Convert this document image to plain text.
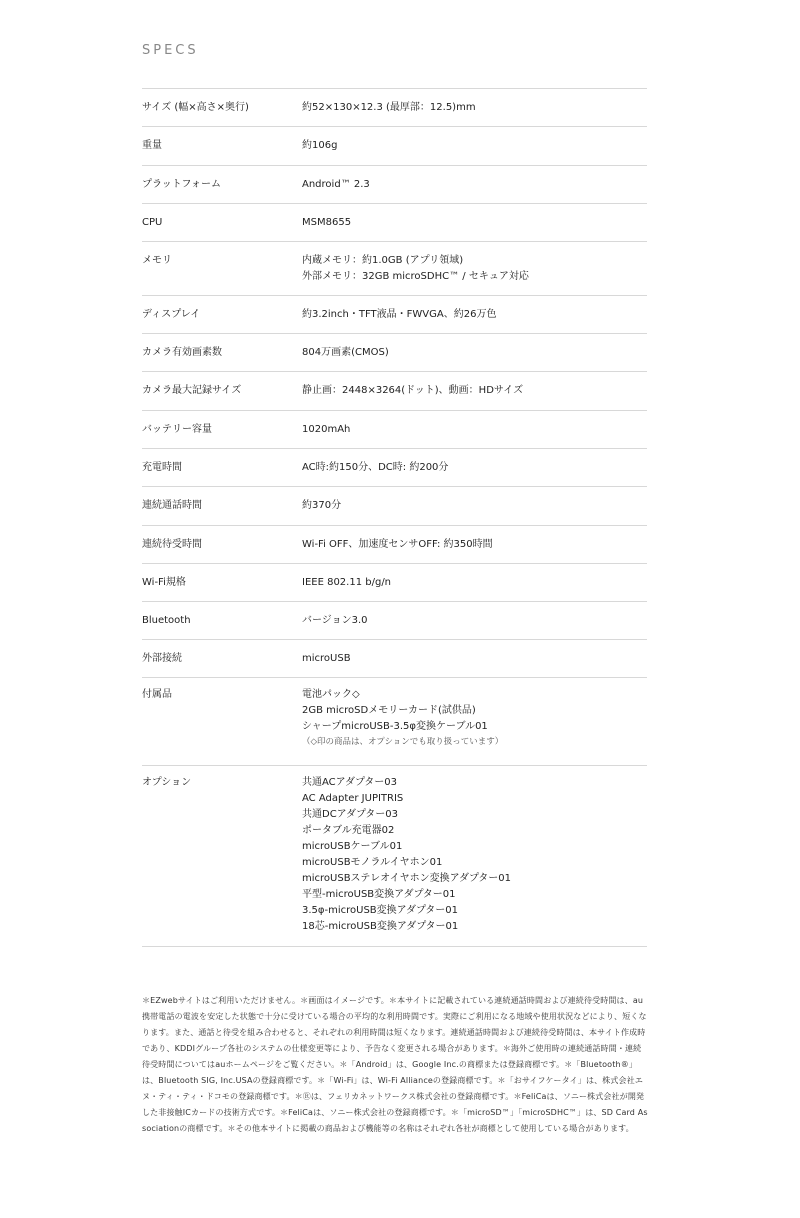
SPECS
サイズ (幅×高さ×奥行)	約52×130×12.3 (最厚部：12.5)mm
重量	約106g
プラットフォーム	Android™ 2.3
CPU	MSM8655
メモリ	内蔵メモリ：約1.0GB (アプリ領域)
外部メモリ：32GB microSDHC™ / セキュア対応
ディスプレイ	約3.2inch・TFT液晶・FWVGA、約26万色
カメラ有効画素数	804万画素(CMOS)
カメラ最大記録サイズ	静止画：2448×3264(ドット)、動画：HDサイズ
バッテリー容量	1020mAh
充電時間	AC時:約150分、DC時: 約200分
連続通話時間	約370分
連続待受時間	Wi-Fi OFF、加速度センサOFF: 約350時間
Wi-Fi規格	IEEE 802.11 b/g/n
Bluetooth	バージョン3.0
外部接続	microUSB
付属品	電池パック◇
2GB microSDメモリーカード(試供品)
シャープmicroUSB-3.5φ変換ケーブル01
（◇印の商品は、オプションでも取り扱っています）
オプション	共通ACアダプター03
AC Adapter JUPITRIS
共通DCアダプター03
ポータブル充電器02
microUSBケーブル01
microUSBモノラルイヤホン01
microUSBステレオイヤホン変換アダプター01
平型-microUSB変換アダプター01
3.5φ-microUSB変換アダプター01
18芯-microUSB変換アダプター01
＊EZwebサイトはご利用いただけません。＊画面はイメージです。＊本サイトに記載されている連続通話時間および連続待受時間は、au携帯電話の電波を安定した状態で十分に受けている場合の平均的な利用時間です。実際にご利用になる地域や使用状況などにより、短くなります。また、通話と待受を組み合わせると、それぞれの利用時間は短くなります。連続通話時間および連続待受時間は、本サイト作成時であり、KDDIグループ各社のシステムの仕様変更等により、予告なく変更される場合があります。＊海外ご使用時の連続通話時間・連続待受時間についてはauホームページをご覧ください。＊「Android」は、Google Inc.の商標または登録商標です。＊「Bluetooth®」は、Bluetooth SIG, Inc.USAの登録商標です。＊「Wi-Fi」は、Wi-Fi Allianceの登録商標です。＊「おサイフケータイ」は、株式会社エヌ・ティ・ティ・ドコモの登録商標です。＊Ⓡは、フェリカネットワークス株式会社の登録商標です。＊FeliCaは、ソニー株式会社が開発した非接触ICカードの技術方式です。＊FeliCaは、ソニー株式会社の登録商標です。＊「microSD™」「microSDHC™」は、SD Card Associationの商標です。＊その他本サイトに掲載の商品および機能等の名称はそれぞれ各社が商標として使用している場合があります。
